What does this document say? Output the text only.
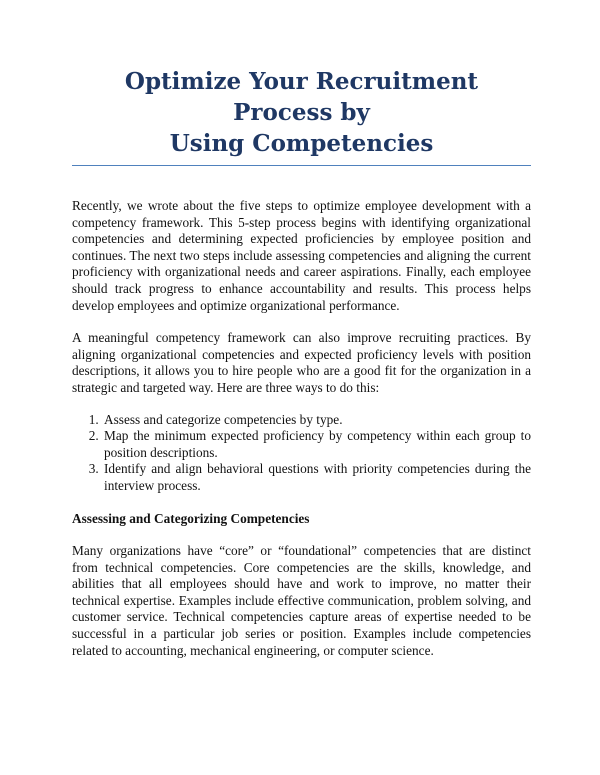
Optimize Your Recruitment Process by
Using Competencies

Recently, we wrote about the five steps to optimize employee development with a competency framework. This 5-step process begins with identifying organizational competencies and determining expected proficiencies by employee position and continues. The next two steps include assessing competencies and aligning the current proficiency with organizational needs and career aspirations. Finally, each employee should track progress to enhance accountability and results. This process helps develop employees and optimize organizational performance.

A meaningful competency framework can also improve recruiting practices. By aligning organizational competencies and expected proficiency levels with position descriptions, it allows you to hire people who are a good fit for the organization in a strategic and targeted way. Here are three ways to do this:

1. Assess and categorize competencies by type.
2. Map the minimum expected proficiency by competency within each group to position descriptions.
3. Identify and align behavioral questions with priority competencies during the interview process.

Assessing and Categorizing Competencies

Many organizations have “core” or “foundational” competencies that are distinct from technical competencies. Core competencies are the skills, knowledge, and abilities that all employees should have and work to improve, no matter their technical expertise. Examples include effective communication, problem solving, and customer service. Technical competencies capture areas of expertise needed to be successful in a particular job series or position. Examples include competencies related to accounting, mechanical engineering, or computer science.
